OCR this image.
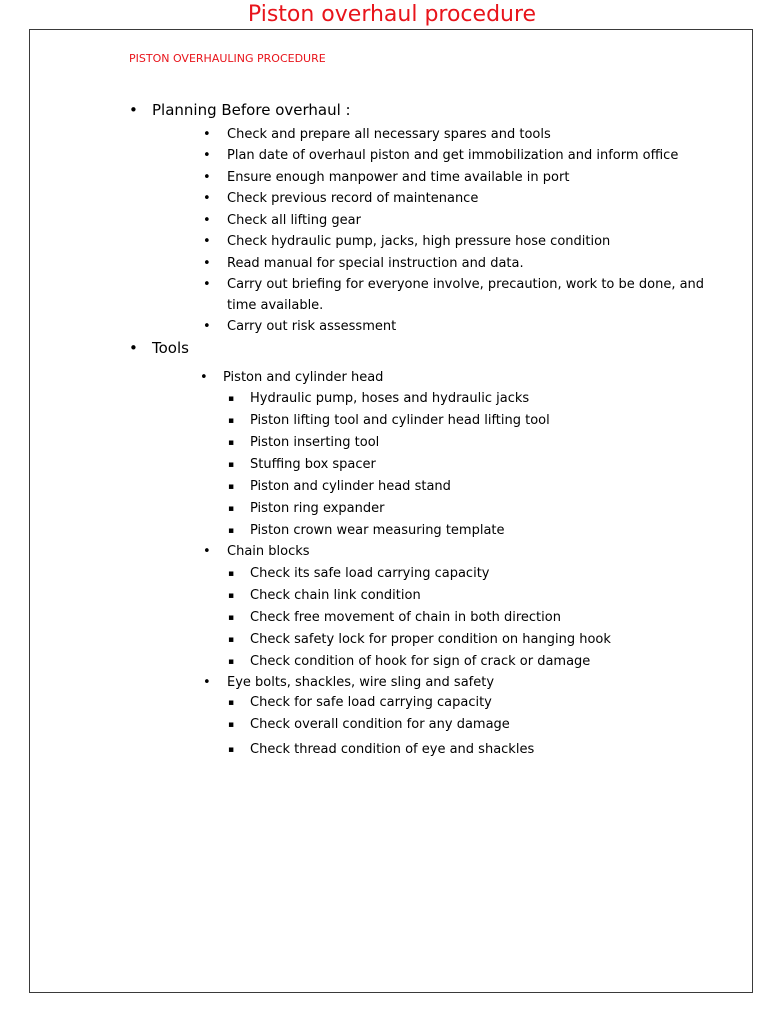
Piston overhaul procedure
PISTON OVERHAULING PROCEDURE
• Planning Before overhaul :
•	Check and prepare all necessary spares and tools
•	Plan date of overhaul piston and get immobilization and inform office
•	Ensure enough manpower and time available in port
•	Check previous record of maintenance
•	Check all lifting gear
•	Check hydraulic pump, jacks, high pressure hose condition
•	Read manual for special instruction and data.
•	Carry out briefing for everyone involve, precaution, work to be done, and
time available.
•	Carry out risk assessment
• Tools
•	Piston and cylinder head
▪	Hydraulic pump, hoses and hydraulic jacks
▪	Piston lifting tool and cylinder head lifting tool
▪	Piston inserting tool
▪	Stuffing box spacer
▪	Piston and cylinder head stand
▪	Piston ring expander
▪	Piston crown wear measuring template
•	Chain blocks
▪	Check its safe load carrying capacity
▪	Check chain link condition
▪	Check free movement of chain in both direction
▪	Check safety lock for proper condition on hanging hook
▪	Check condition of hook for sign of crack or damage
•	Eye bolts, shackles, wire sling and safety
▪	Check for safe load carrying capacity
▪	Check overall condition for any damage
▪	Check thread condition of eye and shackles
